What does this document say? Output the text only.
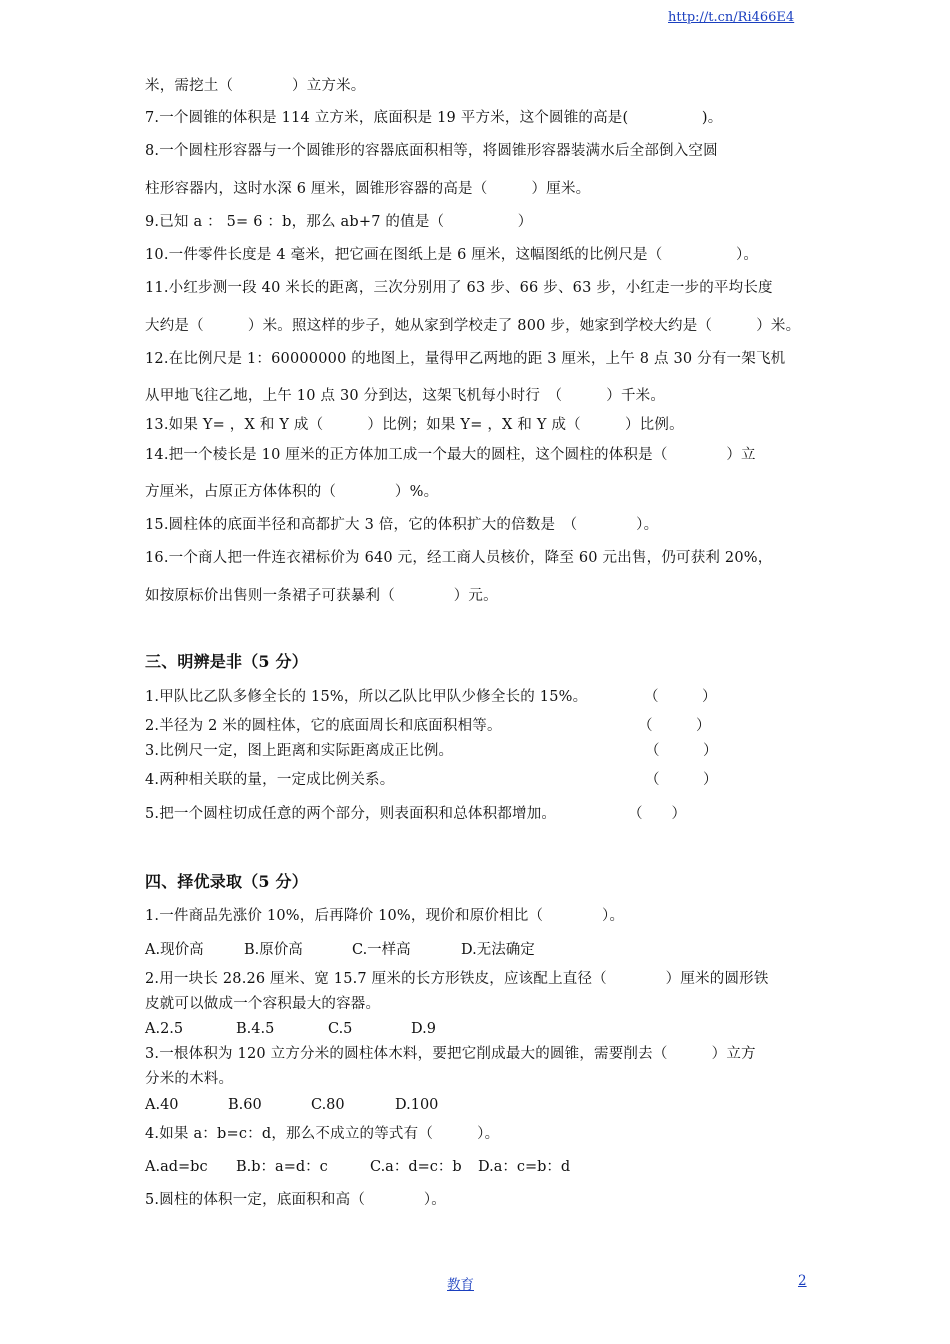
http://t.cn/Ri466E4
米，需挖土（　　　　）立方米。
7.一个圆锥的体积是 114 立方米，底面积是 19 平方米，这个圆锥的高是(　　　　　)。
8.一个圆柱形容器与一个圆锥形的容器底面积相等，将圆锥形容器装满水后全部倒入空圆
柱形容器内，这时水深 6 厘米，圆锥形容器的高是（　　　）厘米。
9.已知 a ： 5= 6 ：b，那么 ab+7 的值是（　　　　　）
10.一件零件长度是 4 毫米，把它画在图纸上是 6 厘米，这幅图纸的比例尺是（　　　　　）。
11.小红步测一段 40 米长的距离，三次分别用了 63 步、66 步、63 步，小红走一步的平均长度
大约是（　　　）米。照这样的步子，她从家到学校走了 800 步，她家到学校大约是（　　　）米。
12.在比例尺是 1：60000000 的地图上，量得甲乙两地的距 3 厘米，上午 8 点 30 分有一架飞机
从甲地飞往乙地，上午 10 点 30 分到达，这架飞机每小时行　（　　　）千米。
13.如果 Y= ，X 和 Y 成（　　　）比例；如果 Y= ，X 和 Y 成（　　　）比例。
14.把一个棱长是 10 厘米的正方体加工成一个最大的圆柱，这个圆柱的体积是（　　　　）立
方厘米，占原正方体体积的（　　　　）%。
15.圆柱体的底面半径和高都扩大 3 倍，它的体积扩大的倍数是　（　　　　）。
16.一个商人把一件连衣裙标价为 640 元，经工商人员核价，降至 60 元出售，仍可获利 20%，
如按原标价出售则一条裙子可获暴利（　　　　）元。
三、明辨是非（5 分）
1.甲队比乙队多修全长的 15%，所以乙队比甲队少修全长的 15%。	（　　　）
2.半径为 2 米的圆柱体，它的底面周长和底面积相等。	（　　　）
3.比例尺一定，图上距离和实际距离成正比例。	（　　　）
4.两种相关联的量，一定成比例关系。	（　　　）
5.把一个圆柱切成任意的两个部分，则表面积和总体积都增加。	（　　）
四、择优录取（5 分）
1.一件商品先涨价 10%，后再降价 10%，现价和原价相比（　　　　）。
A.现价高	B.原价高	C.一样高	D.无法确定
2.用一块长 28.26 厘米、宽 15.7 厘米的长方形铁皮，应该配上直径（　　　　）厘米的圆形铁
皮就可以做成一个容积最大的容器。
A.2.5	B.4.5	C.5	D.9
3.一根体积为 120 立方分米的圆柱体木料，要把它削成最大的圆锥，需要削去（　　　）立方
分米的木料。
A.40	B.60	C.80	D.100
4.如果 a：b=c：d，那么不成立的等式有（　　　）。
A.ad=bc B.b：a=d：c	C.a：d=c：b D.a：c=b：d
5.圆柱的体积一定，底面积和高（　　　　）。
教育	2
